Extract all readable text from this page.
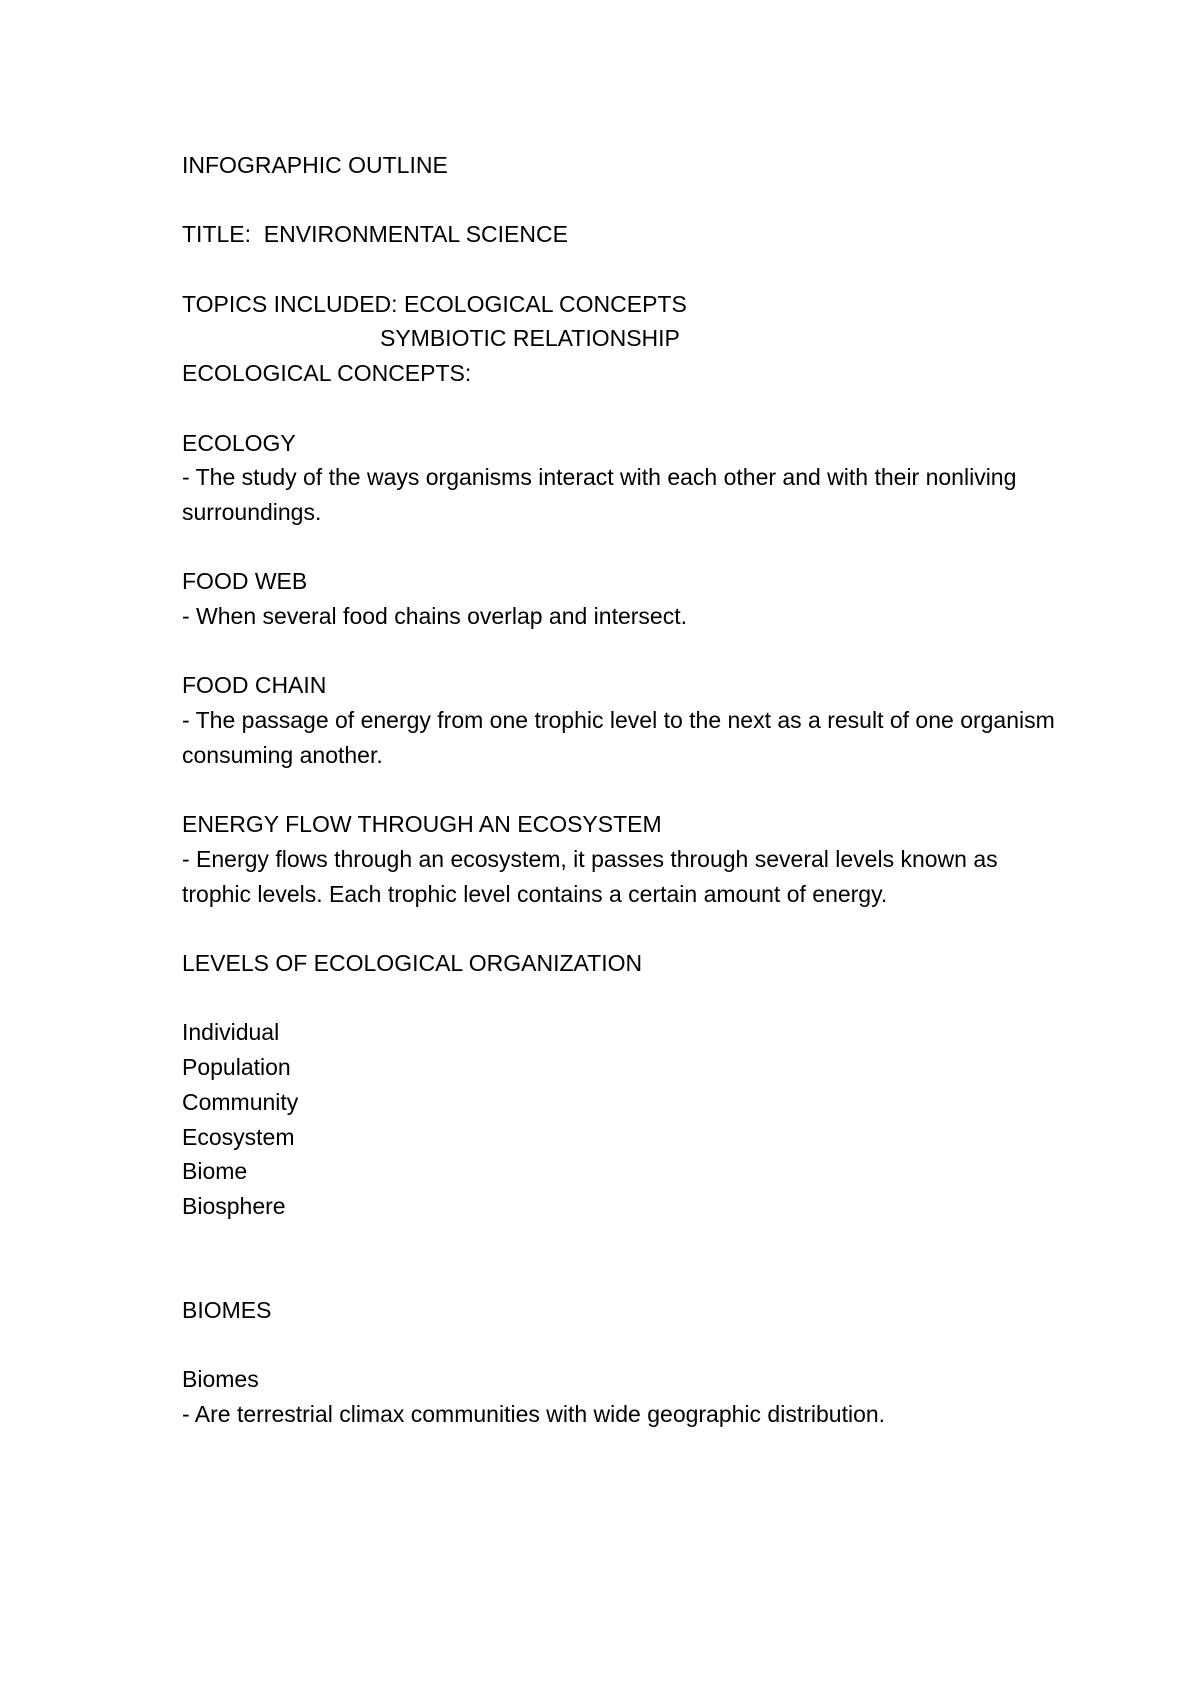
INFOGRAPHIC OUTLINE
TITLE:  ENVIRONMENTAL SCIENCE
TOPICS INCLUDED: ECOLOGICAL CONCEPTS
SYMBIOTIC RELATIONSHIP
ECOLOGICAL CONCEPTS:
ECOLOGY
- The study of the ways organisms interact with each other and with their nonliving surroundings.
FOOD WEB
- When several food chains overlap and intersect.
FOOD CHAIN
- The passage of energy from one trophic level to the next as a result of one organism consuming another.
ENERGY FLOW THROUGH AN ECOSYSTEM
- Energy flows through an ecosystem, it passes through several levels known as trophic levels. Each trophic level contains a certain amount of energy.
LEVELS OF ECOLOGICAL ORGANIZATION
Individual
Population
Community
Ecosystem
Biome
Biosphere
BIOMES
Biomes
- Are terrestrial climax communities with wide geographic distribution.
